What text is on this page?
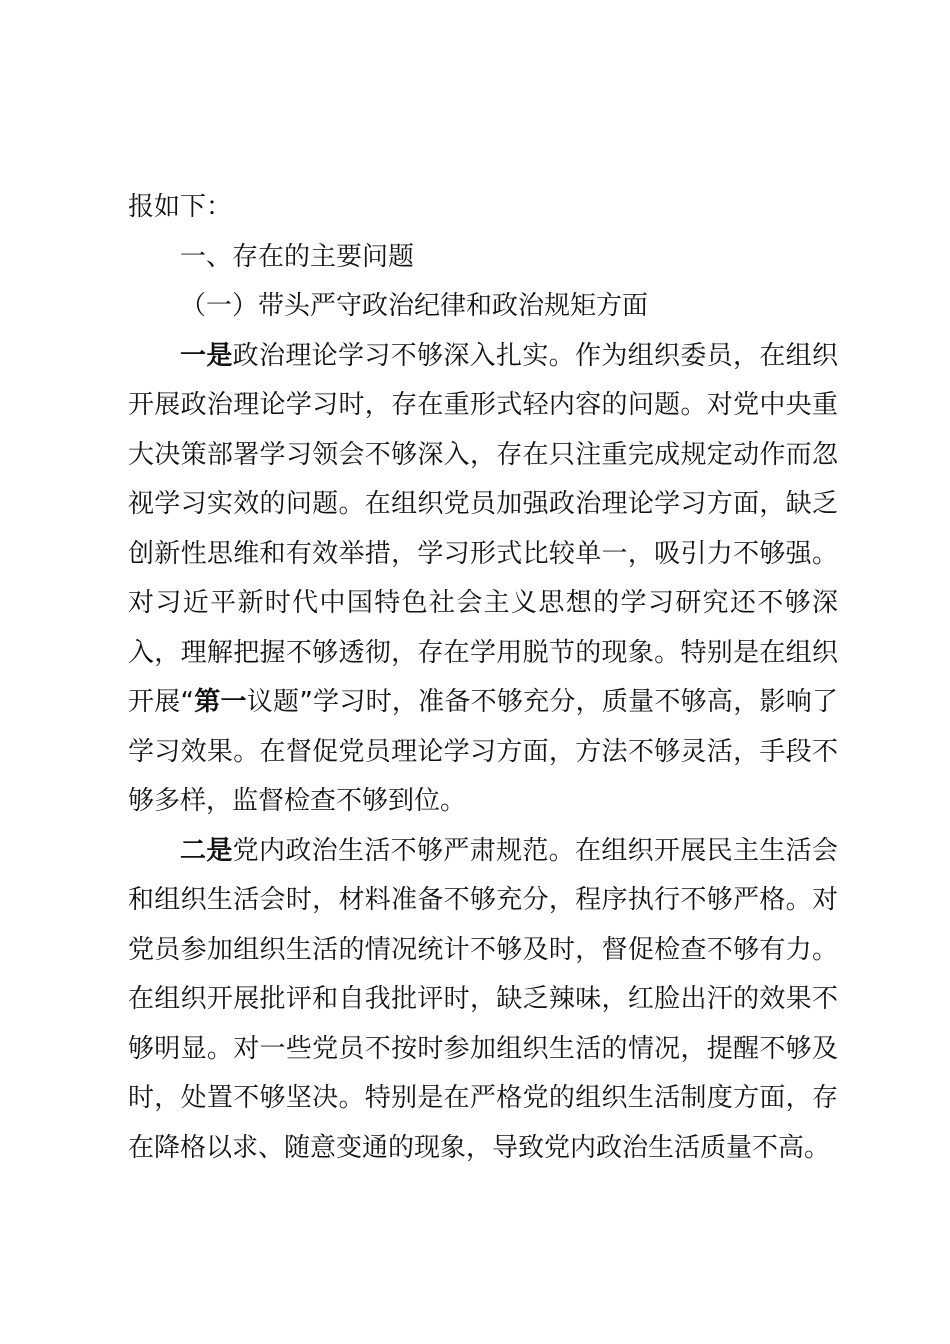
报如下：

一、存在的主要问题

（一）带头严守政治纪律和政治规矩方面

一是政治理论学习不够深入扎实。作为组织委员，在组织开展政治理论学习时，存在重形式轻内容的问题。对党中央重大决策部署学习领会不够深入，存在只注重完成规定动作而忽视学习实效的问题。在组织党员加强政治理论学习方面，缺乏创新性思维和有效举措，学习形式比较单一，吸引力不够强。对习近平新时代中国特色社会主义思想的学习研究还不够深入，理解把握不够透彻，存在学用脱节的现象。特别是在组织开展“第一议题”学习时，准备不够充分，质量不够高，影响了学习效果。在督促党员理论学习方面，方法不够灵活，手段不够多样，监督检查不够到位。

二是党内政治生活不够严肃规范。在组织开展民主生活会和组织生活会时，材料准备不够充分，程序执行不够严格。对党员参加组织生活的情况统计不够及时，督促检查不够有力。在组织开展批评和自我批评时，缺乏辣味，红脸出汗的效果不够明显。对一些党员不按时参加组织生活的情况，提醒不够及时，处置不够坚决。特别是在严格党的组织生活制度方面，存在降格以求、随意变通的现象，导致党内政治生活质量不高。
